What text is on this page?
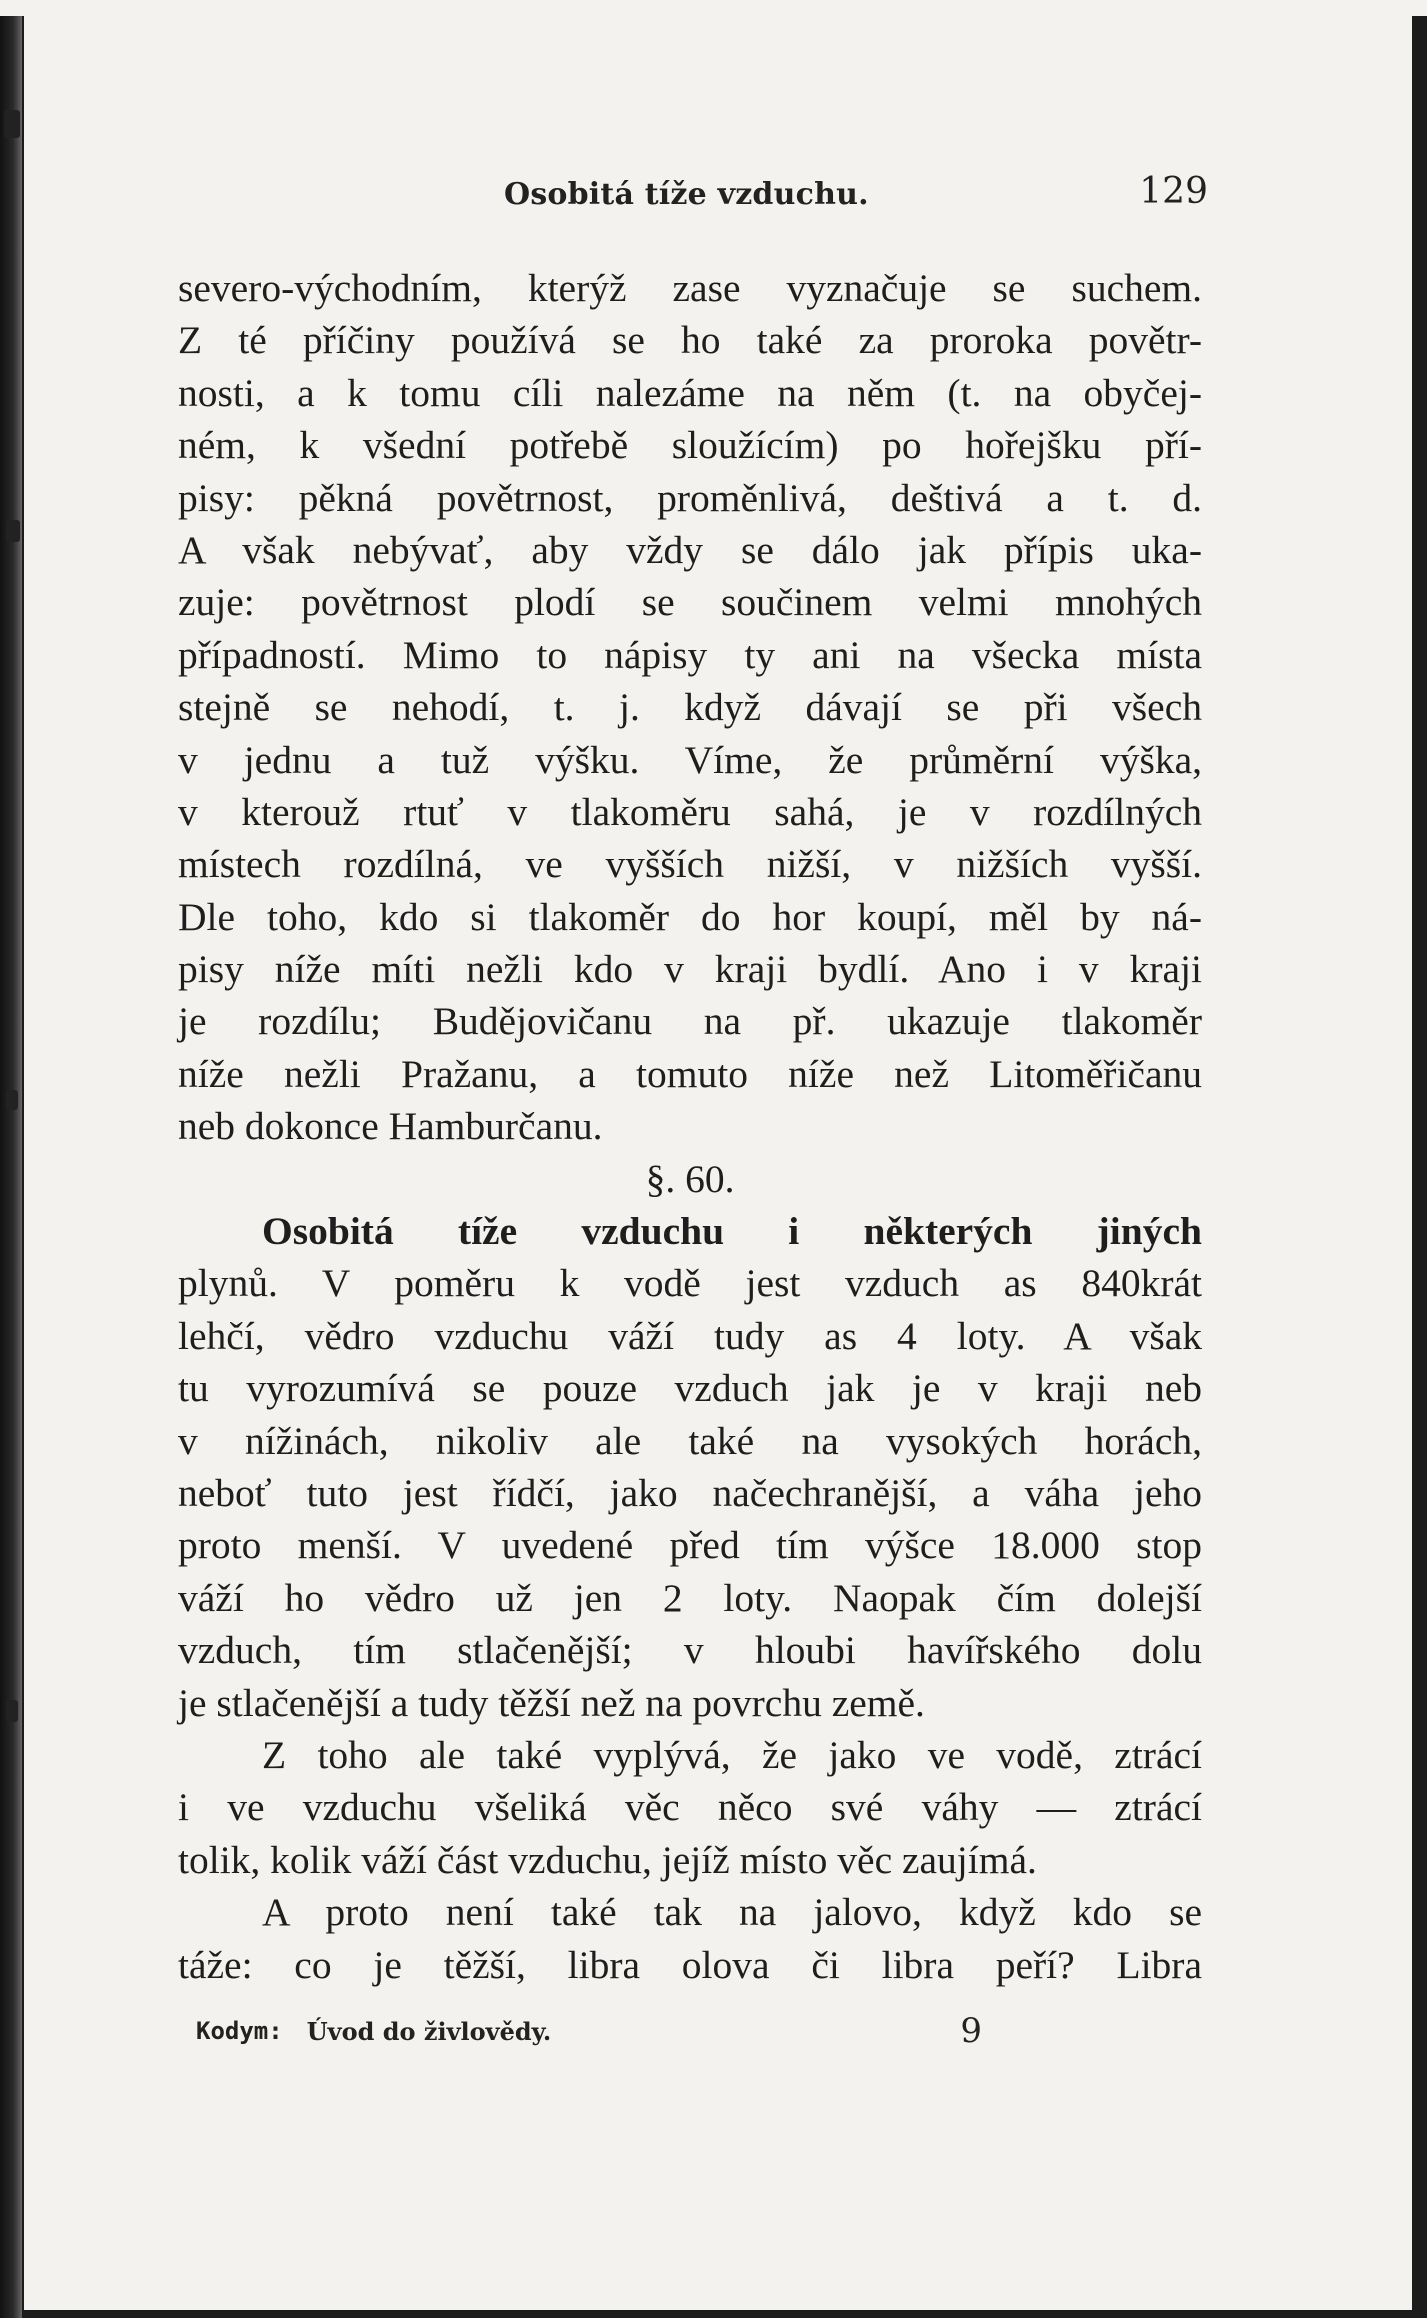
Osobitá tíže vzduchu.	129
severo-východním, kterýž zase vyznačuje se suchem.
Z té příčiny používá se ho také za proroka povětr-
nosti, a k tomu cíli nalezáme na něm (t. na obyčej-
ném, k všední potřebě sloužícím) po hořejšku pří-
pisy: pěkná povětrnost, proměnlivá, deštivá a t. d.
A však nebývať, aby vždy se dálo jak přípis uka-
zuje: povětrnost plodí se součinem velmi mnohých
případností. Mimo to nápisy ty ani na všecka místa
stejně se nehodí, t. j. když dávají se při všech
v jednu a tuž výšku. Víme, že průměrní výška,
v kterouž rtuť v tlakoměru sahá, je v rozdílných
místech rozdílná, ve vyšších nižší, v nižších vyšší.
Dle toho, kdo si tlakoměr do hor koupí, měl by ná-
pisy níže míti nežli kdo v kraji bydlí. Ano i v kraji
je rozdílu; Budějovičanu na př. ukazuje tlakoměr
níže nežli Pražanu, a tomuto níže než Litoměřičanu
neb dokonce Hamburčanu.
§. 60.
Osobitá tíže vzduchu i některých jiných
plynů. V poměru k vodě jest vzduch as 840krát
lehčí, vědro vzduchu váží tudy as 4 loty. A však
tu vyrozumívá se pouze vzduch jak je v kraji neb
v nížinách, nikoliv ale také na vysokých horách,
neboť tuto jest řídčí, jako načechranější, a váha jeho
proto menší. V uvedené před tím výšce 18.000 stop
váží ho vědro už jen 2 loty. Naopak čím dolejší
vzduch, tím stlačenější; v hloubi havířského dolu
je stlačenější a tudy těžší než na povrchu země.
Z toho ale také vyplývá, že jako ve vodě, ztrácí
i ve vzduchu všeliká věc něco své váhy — ztrácí
tolik, kolik váží část vzduchu, jejíž místo věc zaujímá.
A proto není také tak na jalovo, když kdo se
táže: co je těžší, libra olova či libra peří? Libra
Kodym: Úvod do živlovědy.	9
